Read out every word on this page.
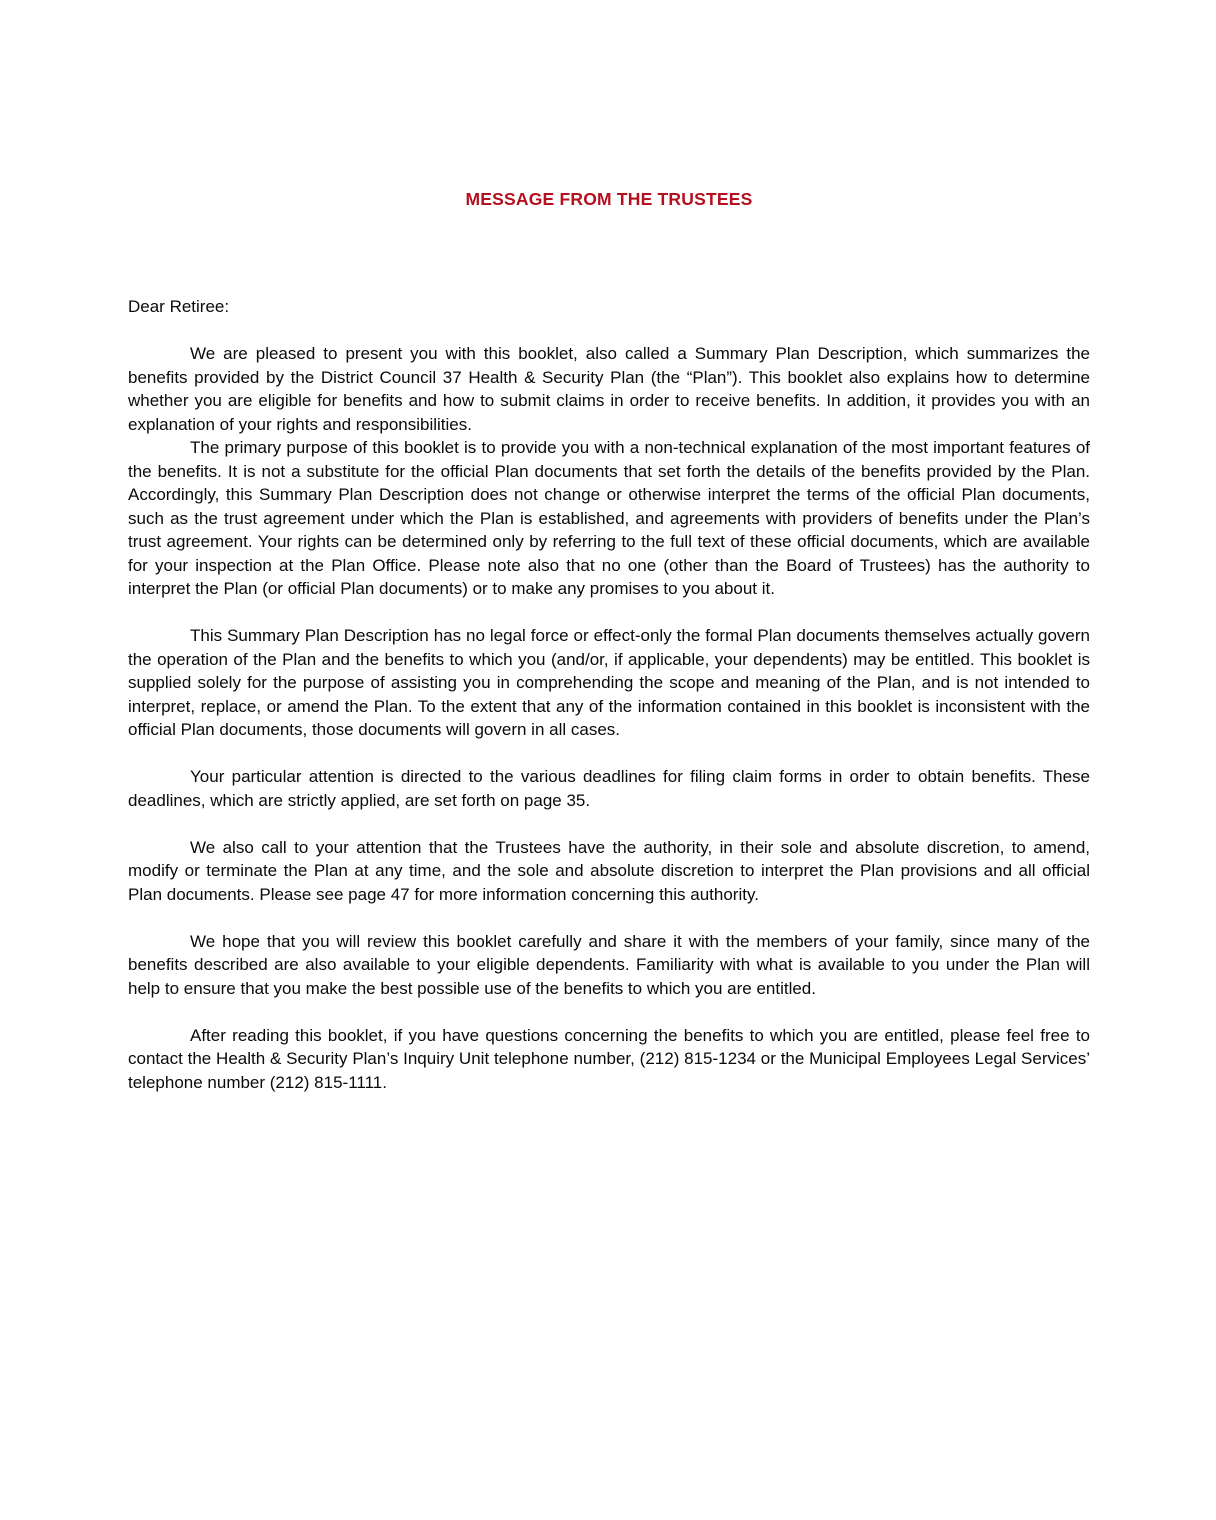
MESSAGE FROM THE TRUSTEES

Dear Retiree:

We are pleased to present you with this booklet, also called a Summary Plan Description, which summarizes the benefits provided by the District Council 37 Health & Security Plan (the “Plan”). This booklet also explains how to determine whether you are eligible for benefits and how to submit claims in order to receive benefits. In addition, it provides you with an explanation of your rights and responsibilities.

The primary purpose of this booklet is to provide you with a non-technical explanation of the most important features of the benefits. It is not a substitute for the official Plan documents that set forth the details of the benefits provided by the Plan. Accordingly, this Summary Plan Description does not change or otherwise interpret the terms of the official Plan documents, such as the trust agreement under which the Plan is established, and agreements with providers of benefits under the Plan’s trust agreement. Your rights can be determined only by referring to the full text of these official documents, which are available for your inspection at the Plan Office. Please note also that no one (other than the Board of Trustees) has the authority to interpret the Plan (or official Plan documents) or to make any promises to you about it.

This Summary Plan Description has no legal force or effect-only the formal Plan documents themselves actually govern the operation of the Plan and the benefits to which you (and/or, if applicable, your dependents) may be entitled. This booklet is supplied solely for the purpose of assisting you in comprehending the scope and meaning of the Plan, and is not intended to interpret, replace, or amend the Plan. To the extent that any of the information contained in this booklet is inconsistent with the official Plan documents, those documents will govern in all cases.

Your particular attention is directed to the various deadlines for filing claim forms in order to obtain benefits. These deadlines, which are strictly applied, are set forth on page 35.

We also call to your attention that the Trustees have the authority, in their sole and absolute discretion, to amend, modify or terminate the Plan at any time, and the sole and absolute discretion to interpret the Plan provisions and all official Plan documents. Please see page 47 for more information concerning this authority.

We hope that you will review this booklet carefully and share it with the members of your family, since many of the benefits described are also available to your eligible dependents. Familiarity with what is available to you under the Plan will help to ensure that you make the best possible use of the benefits to which you are entitled.

After reading this booklet, if you have questions concerning the benefits to which you are entitled, please feel free to contact the Health & Security Plan’s Inquiry Unit telephone number, (212) 815-1234 or the Municipal Employees Legal Services’ telephone number (212) 815-1111.
